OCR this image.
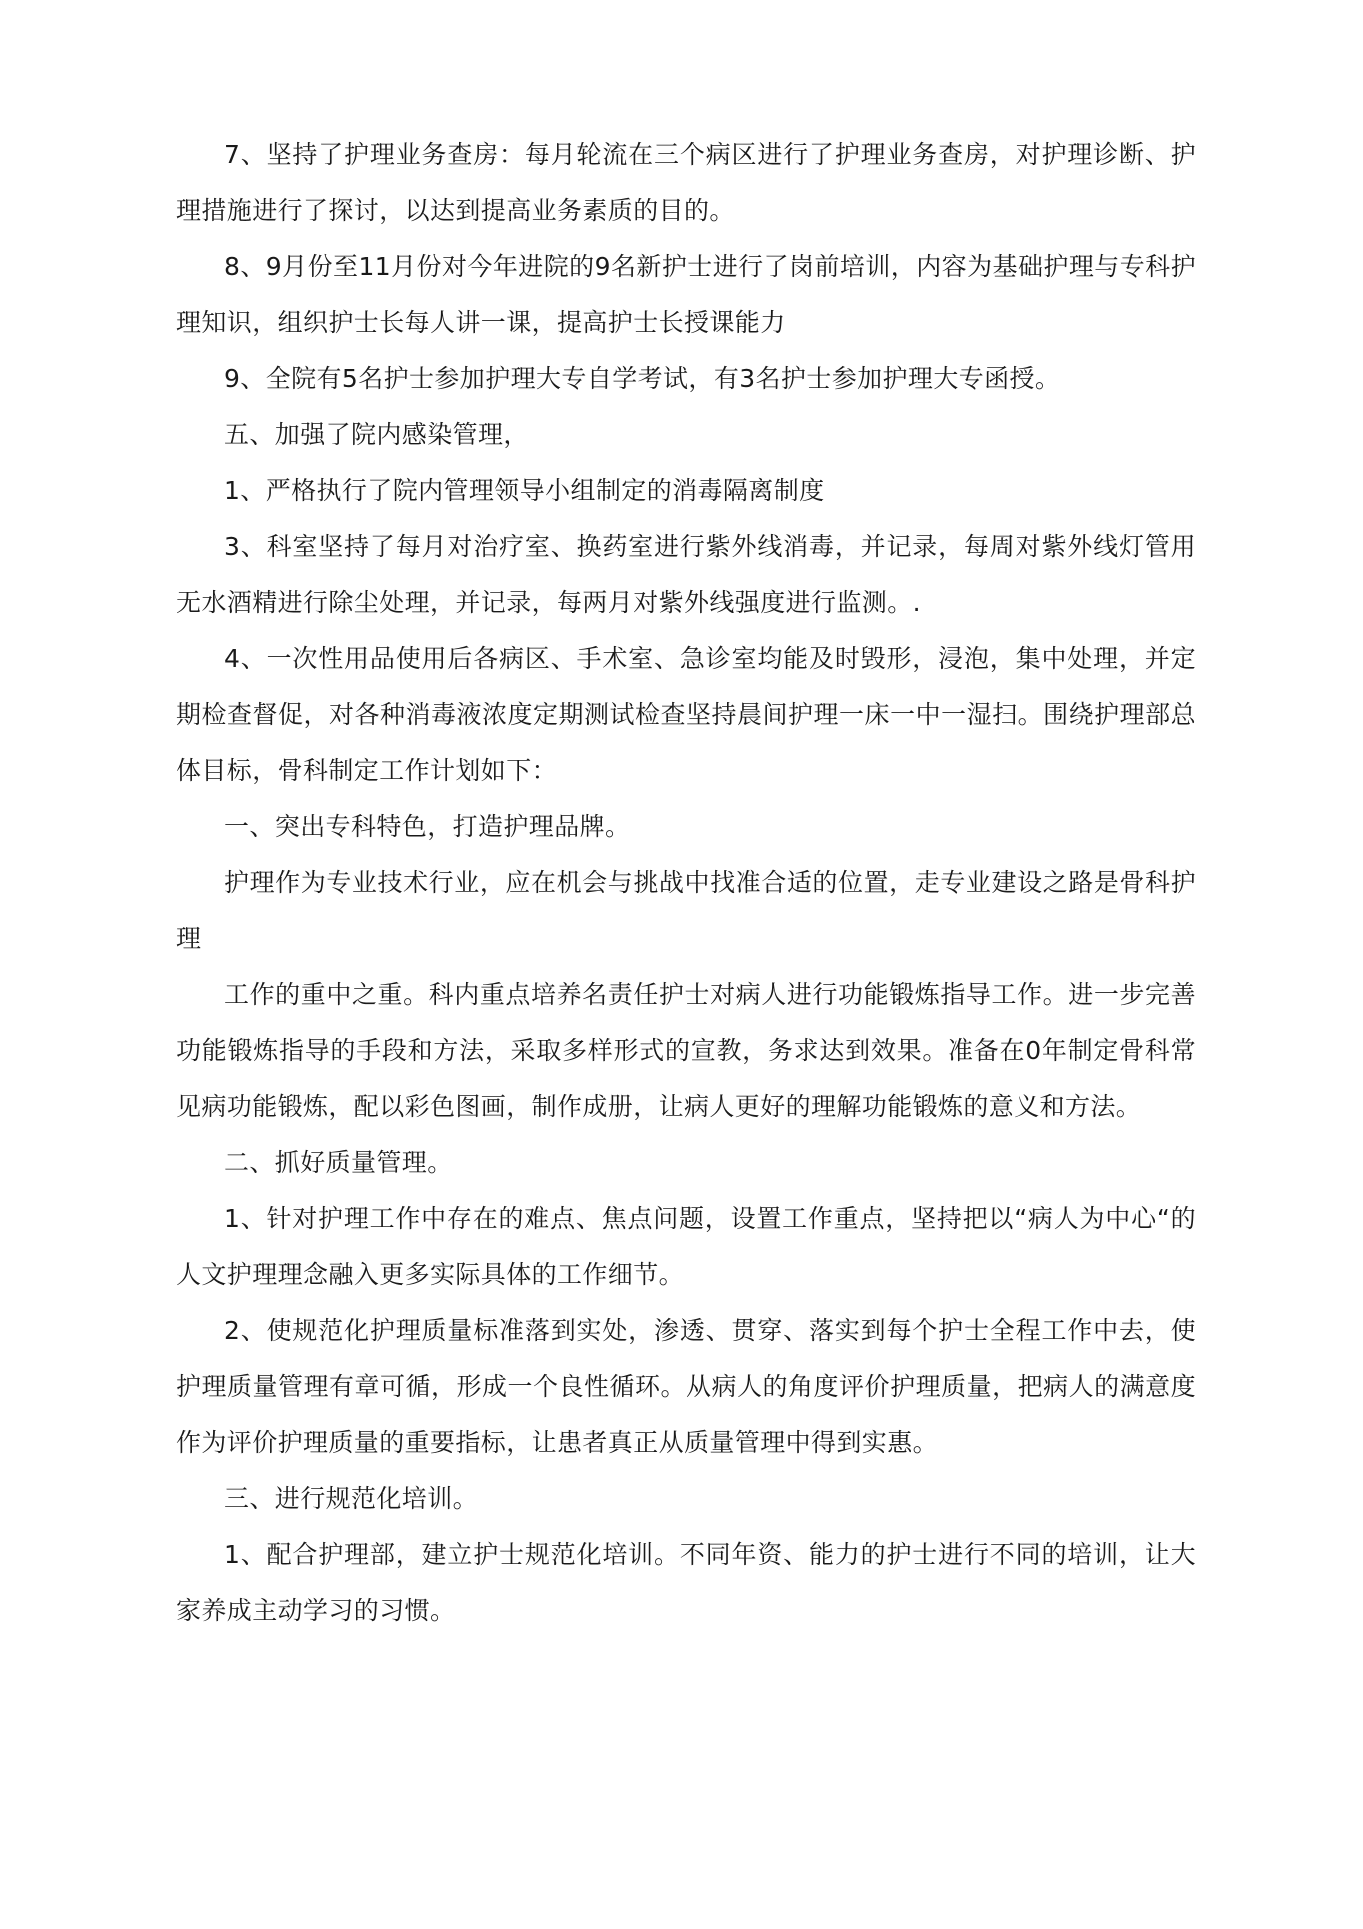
7、坚持了护理业务查房：每月轮流在三个病区进行了护理业务查房，对护理诊断、护理措施进行了探讨，以达到提高业务素质的目的。

8、9月份至11月份对今年进院的9名新护士进行了岗前培训，内容为基础护理与专科护理知识，组织护士长每人讲一课，提高护士长授课能力

9、全院有5名护士参加护理大专自学考试，有3名护士参加护理大专函授。

五、加强了院内感染管理，

1、严格执行了院内管理领导小组制定的消毒隔离制度

3、科室坚持了每月对治疗室、换药室进行紫外线消毒，并记录，每周对紫外线灯管用无水酒精进行除尘处理，并记录，每两月对紫外线强度进行监测。.

4、一次性用品使用后各病区、手术室、急诊室均能及时毁形，浸泡，集中处理，并定期检查督促，对各种消毒液浓度定期测试检查坚持晨间护理一床一中一湿扫。围绕护理部总体目标，骨科制定工作计划如下：

一、突出专科特色，打造护理品牌。

护理作为专业技术行业，应在机会与挑战中找准合适的位置，走专业建设之路是骨科护理

工作的重中之重。科内重点培养名责任护士对病人进行功能锻炼指导工作。进一步完善功能锻炼指导的手段和方法，采取多样形式的宣教，务求达到效果。准备在0年制定骨科常见病功能锻炼，配以彩色图画，制作成册，让病人更好的理解功能锻炼的意义和方法。

二、抓好质量管理。

1、针对护理工作中存在的难点、焦点问题，设置工作重点，坚持把以“病人为中心“的人文护理理念融入更多实际具体的工作细节。

2、使规范化护理质量标准落到实处，渗透、贯穿、落实到每个护士全程工作中去，使护理质量管理有章可循，形成一个良性循环。从病人的角度评价护理质量，把病人的满意度作为评价护理质量的重要指标，让患者真正从质量管理中得到实惠。

三、进行规范化培训。

1、配合护理部，建立护士规范化培训。不同年资、能力的护士进行不同的培训，让大家养成主动学习的习惯。
